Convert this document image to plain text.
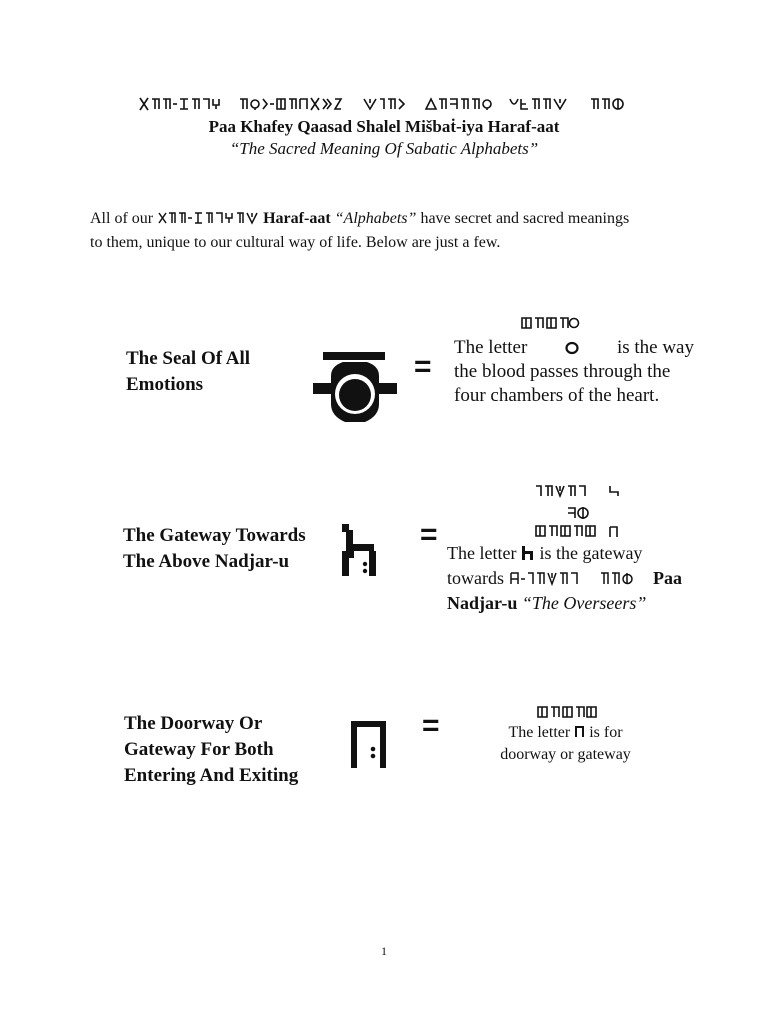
Paa Khafey Qaasad Shalel Mišbaṫ-iya Haraf-aat
“The Sacred Meaning Of Sabatic Alphabets”
All of our	Haraf-aat “Alphabets” have secret and sacred meanings
to them, unique to our cultural way of life. Below are just a few.
The Seal Of All Emotions
=
The letter	is the way
the blood passes through the
four chambers of the heart.
The Gateway Towards The Above Nadjar-u
=
The letter is the gateway
towards	Paa
Nadjar-u “The Overseers”
The Doorway Or Gateway For Both Entering And Exiting
=	The letter is for
doorway or gateway
1
